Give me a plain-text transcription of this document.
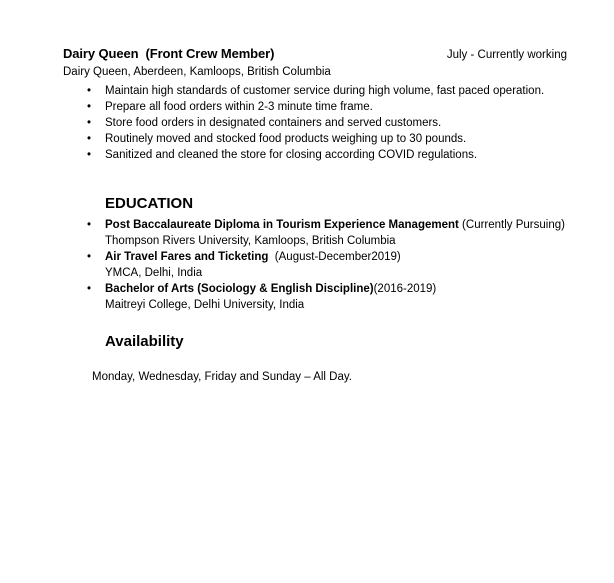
Dairy Queen  (Front Crew Member)	July - Currently working
Dairy Queen, Aberdeen, Kamloops, British Columbia
• Maintain high standards of customer service during high volume, fast paced operation.
• Prepare all food orders within 2-3 minute time frame.
• Store food orders in designated containers and served customers.
• Routinely moved and stocked food products weighing up to 30 pounds.
• Sanitized and cleaned the store for closing according COVID regulations.
EDUCATION
• Post Baccalaureate Diploma in Tourism Experience Management (Currently Pursuing)
Thompson Rivers University, Kamloops, British Columbia
• Air Travel Fares and Ticketing  (August-December2019)
YMCA, Delhi, India
• Bachelor of Arts (Sociology & English Discipline)(2016-2019)
Maitreyi College, Delhi University, India
Availability
Monday, Wednesday, Friday and Sunday – All Day.
